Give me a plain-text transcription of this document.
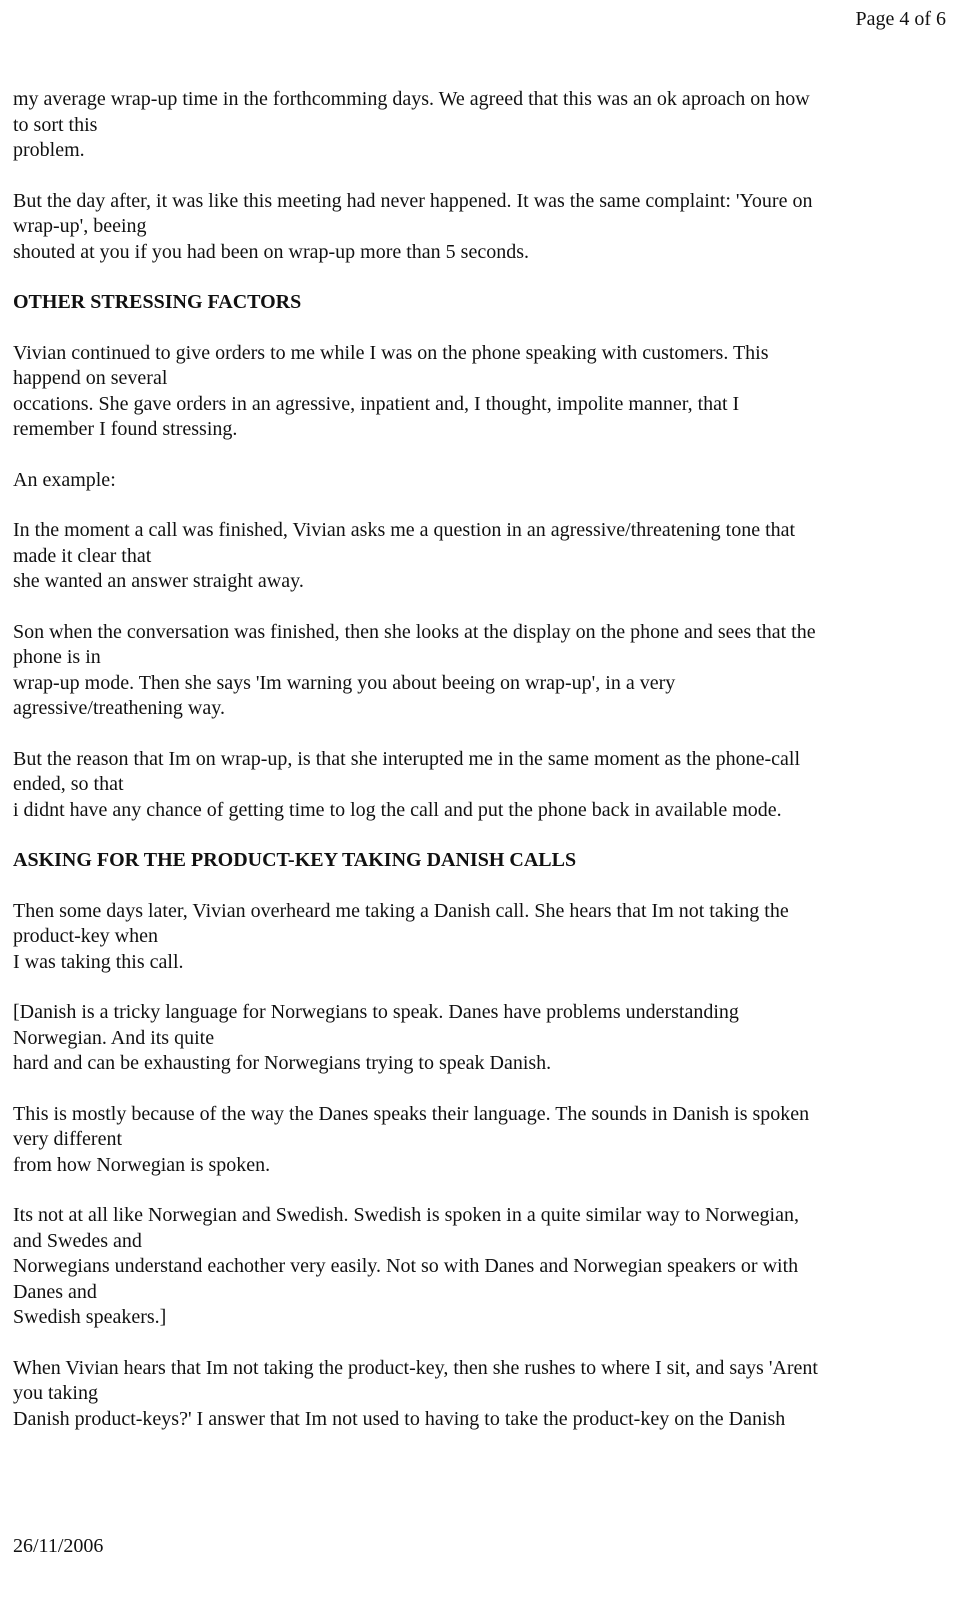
Page 4 of 6
my average wrap-up time in the forthcomming days. We agreed that this was an ok aproach on how
to sort this
problem.
But the day after, it was like this meeting had never happened. It was the same complaint: 'Youre on
wrap-up', beeing
shouted at you if you had been on wrap-up more than 5 seconds.
OTHER STRESSING FACTORS
Vivian continued to give orders to me while I was on the phone speaking with customers. This
happend on several
occations. She gave orders in an agressive, inpatient and, I thought, impolite manner, that I
remember I found stressing.
An example:
In the moment a call was finished, Vivian asks me a question in an agressive/threatening tone that
made it clear that
she wanted an answer straight away.
Son when the conversation was finished, then she looks at the display on the phone and sees that the
phone is in
wrap-up mode. Then she says 'Im warning you about beeing on wrap-up', in a very
agressive/treathening way.
But the reason that Im on wrap-up, is that she interupted me in the same moment as the phone-call
ended, so that
i didnt have any chance of getting time to log the call and put the phone back in available mode.
ASKING FOR THE PRODUCT-KEY TAKING DANISH CALLS
Then some days later, Vivian overheard me taking a Danish call. She hears that Im not taking the
product-key when
I was taking this call.
[Danish is a tricky language for Norwegians to speak. Danes have problems understanding
Norwegian. And its quite
hard and can be exhausting for Norwegians trying to speak Danish.
This is mostly because of the way the Danes speaks their language. The sounds in Danish is spoken
very different
from how Norwegian is spoken.
Its not at all like Norwegian and Swedish. Swedish is spoken in a quite similar way to Norwegian,
and Swedes and
Norwegians understand eachother very easily. Not so with Danes and Norwegian speakers or with
Danes and
Swedish speakers.]
When Vivian hears that Im not taking the product-key, then she rushes to where I sit, and says 'Arent
you taking
Danish product-keys?' I answer that Im not used to having to take the product-key on the Danish
26/11/2006
